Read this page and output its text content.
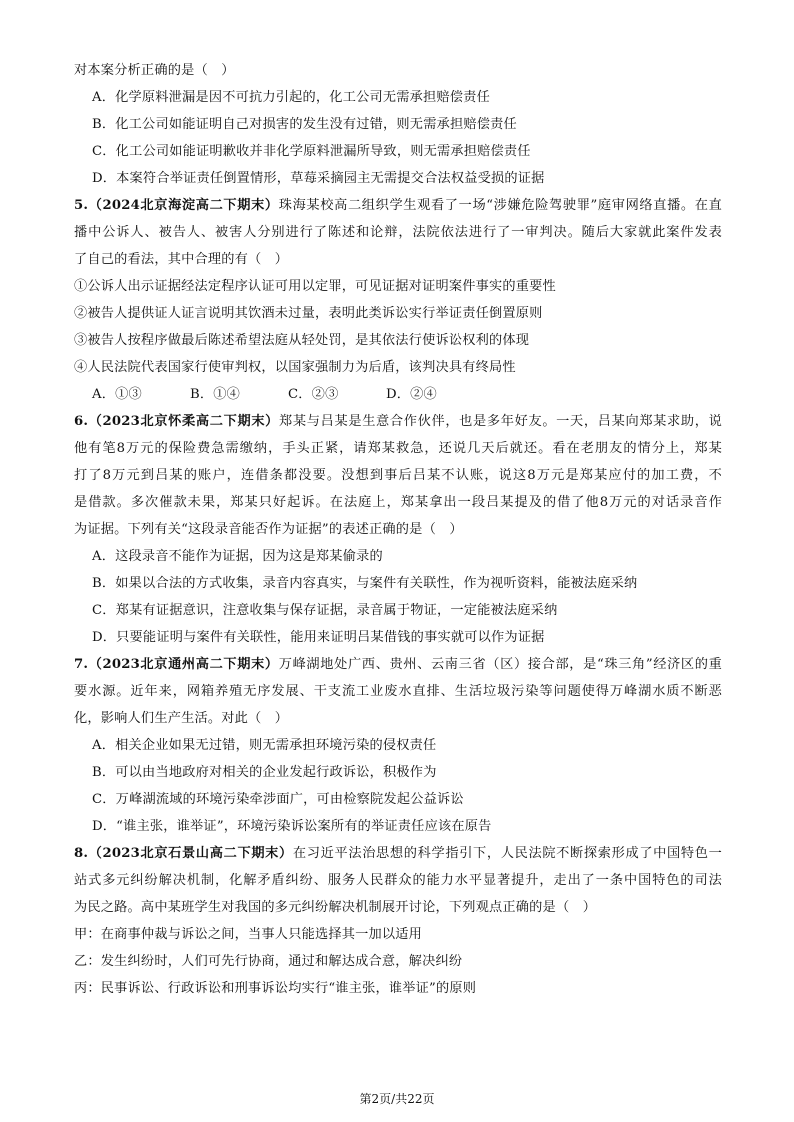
对本案分析正确的是（　）
A．化学原料泄漏是因不可抗力引起的，化工公司无需承担赔偿责任
B．化工公司如能证明自己对损害的发生没有过错，则无需承担赔偿责任
C．化工公司如能证明歉收并非化学原料泄漏所导致，则无需承担赔偿责任
D．本案符合举证责任倒置情形，草莓采摘园主无需提交合法权益受损的证据
5.（2024北京海淀高二下期末）珠海某校高二组织学生观看了一场“涉嫌危险驾驶罪”庭审网络直播。在直
播中公诉人、被告人、被害人分别进行了陈述和论辩，法院依法进行了一审判决。随后大家就此案件发表
了自己的看法，其中合理的有（　）
①公诉人出示证据经法定程序认证可用以定罪，可见证据对证明案件事实的重要性
②被告人提供证人证言说明其饮酒未过量，表明此类诉讼实行举证责任倒置原则
③被告人按程序做最后陈述希望法庭从轻处罚，是其依法行使诉讼权利的体现
④人民法院代表国家行使审判权，以国家强制力为后盾，该判决具有终局性
A．①③	B．①④	C．②③	D．②④
6.（2023北京怀柔高二下期末）郑某与吕某是生意合作伙伴，也是多年好友。一天，吕某向郑某求助，说
他有笔8万元的保险费急需缴纳，手头正紧，请郑某救急，还说几天后就还。看在老朋友的情分上，郑某
打了8万元到吕某的账户，连借条都没要。没想到事后吕某不认账，说这8万元是郑某应付的加工费，不
是借款。多次催款未果，郑某只好起诉。在法庭上，郑某拿出一段吕某提及的借了他8万元的对话录音作
为证据。下列有关“这段录音能否作为证据”的表述正确的是（　）
A．这段录音不能作为证据，因为这是郑某偷录的
B．如果以合法的方式收集，录音内容真实，与案件有关联性，作为视听资料，能被法庭采纳
C．郑某有证据意识，注意收集与保存证据，录音属于物证，一定能被法庭采纳
D．只要能证明与案件有关联性，能用来证明吕某借钱的事实就可以作为证据
7.（2023北京通州高二下期末）万峰湖地处广西、贵州、云南三省（区）接合部，是“珠三角”经济区的重
要水源。近年来，网箱养殖无序发展、干支流工业废水直排、生活垃圾污染等问题使得万峰湖水质不断恶
化，影响人们生产生活。对此（　）
A．相关企业如果无过错，则无需承担环境污染的侵权责任
B．可以由当地政府对相关的企业发起行政诉讼，积极作为
C．万峰湖流域的环境污染牵涉面广，可由检察院发起公益诉讼
D．“谁主张，谁举证”，环境污染诉讼案所有的举证责任应该在原告
8.（2023北京石景山高二下期末）在习近平法治思想的科学指引下，人民法院不断探索形成了中国特色一
站式多元纠纷解决机制，化解矛盾纠纷、服务人民群众的能力水平显著提升，走出了一条中国特色的司法
为民之路。高中某班学生对我国的多元纠纷解决机制展开讨论，下列观点正确的是（　）
甲：在商事仲裁与诉讼之间，当事人只能选择其一加以适用
乙：发生纠纷时，人们可先行协商，通过和解达成合意，解决纠纷
丙：民事诉讼、行政诉讼和刑事诉讼均实行“谁主张，谁举证”的原则
第2页/共22页
